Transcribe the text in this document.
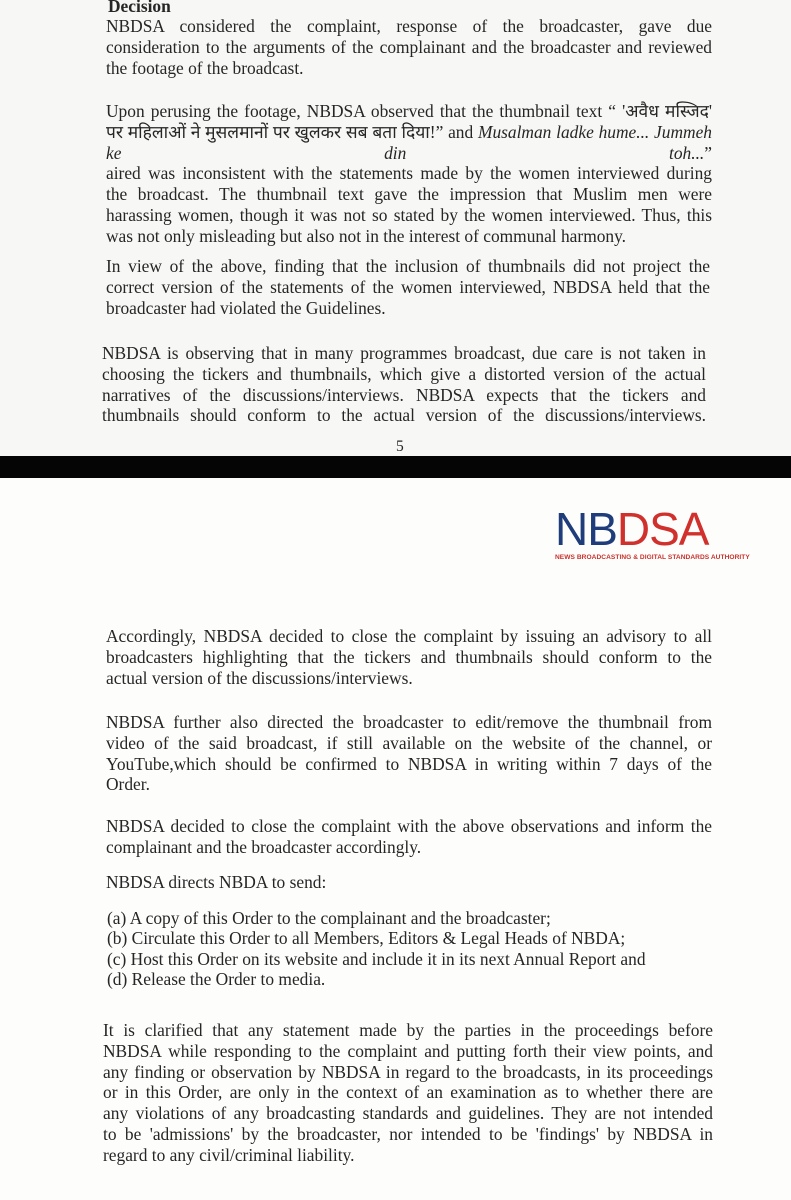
Decision
NBDSA considered the complaint, response of the broadcaster, gave due
consideration to the arguments of the complainant and the broadcaster and reviewed
the footage of the broadcast.
Upon perusing the footage, NBDSA observed that the thumbnail text “ 'अवैध मस्जिद'
पर महिलाओं ने मुसलमानों पर खुलकर सब बता दिया!” and Musalman ladke hume... Jummeh ke din toh...”
aired was inconsistent with the statements made by the women interviewed during
the broadcast. The thumbnail text gave the impression that Muslim men were
harassing women, though it was not so stated by the women interviewed. Thus, this
was not only misleading but also not in the interest of communal harmony.
In view of the above, finding that the inclusion of thumbnails did not project the
correct version of the statements of the women interviewed, NBDSA held that the
broadcaster had violated the Guidelines.
NBDSA is observing that in many programmes broadcast, due care is not taken in
choosing the tickers and thumbnails, which give a distorted version of the actual
narratives of the discussions/interviews. NBDSA expects that the tickers and
thumbnails should conform to the actual version of the discussions/interviews.
5
NBDSA
NEWS BROADCASTING & DIGITAL STANDARDS AUTHORITY
Accordingly, NBDSA decided to close the complaint by issuing an advisory to all
broadcasters highlighting that the tickers and thumbnails should conform to the
actual version of the discussions/interviews.
NBDSA further also directed the broadcaster to edit/remove the thumbnail from
video of the said broadcast, if still available on the website of the channel, or
YouTube,which should be confirmed to NBDSA in writing within 7 days of the
Order.
NBDSA decided to close the complaint with the above observations and inform the
complainant and the broadcaster accordingly.
NBDSA directs NBDA to send:
(a) A copy of this Order to the complainant and the broadcaster;
(b) Circulate this Order to all Members, Editors & Legal Heads of NBDA;
(c) Host this Order on its website and include it in its next Annual Report and
(d) Release the Order to media.
It is clarified that any statement made by the parties in the proceedings before
NBDSA while responding to the complaint and putting forth their view points, and
any finding or observation by NBDSA in regard to the broadcasts, in its proceedings
or in this Order, are only in the context of an examination as to whether there are
any violations of any broadcasting standards and guidelines. They are not intended
to be 'admissions' by the broadcaster, nor intended to be 'findings' by NBDSA in
regard to any civil/criminal liability.
